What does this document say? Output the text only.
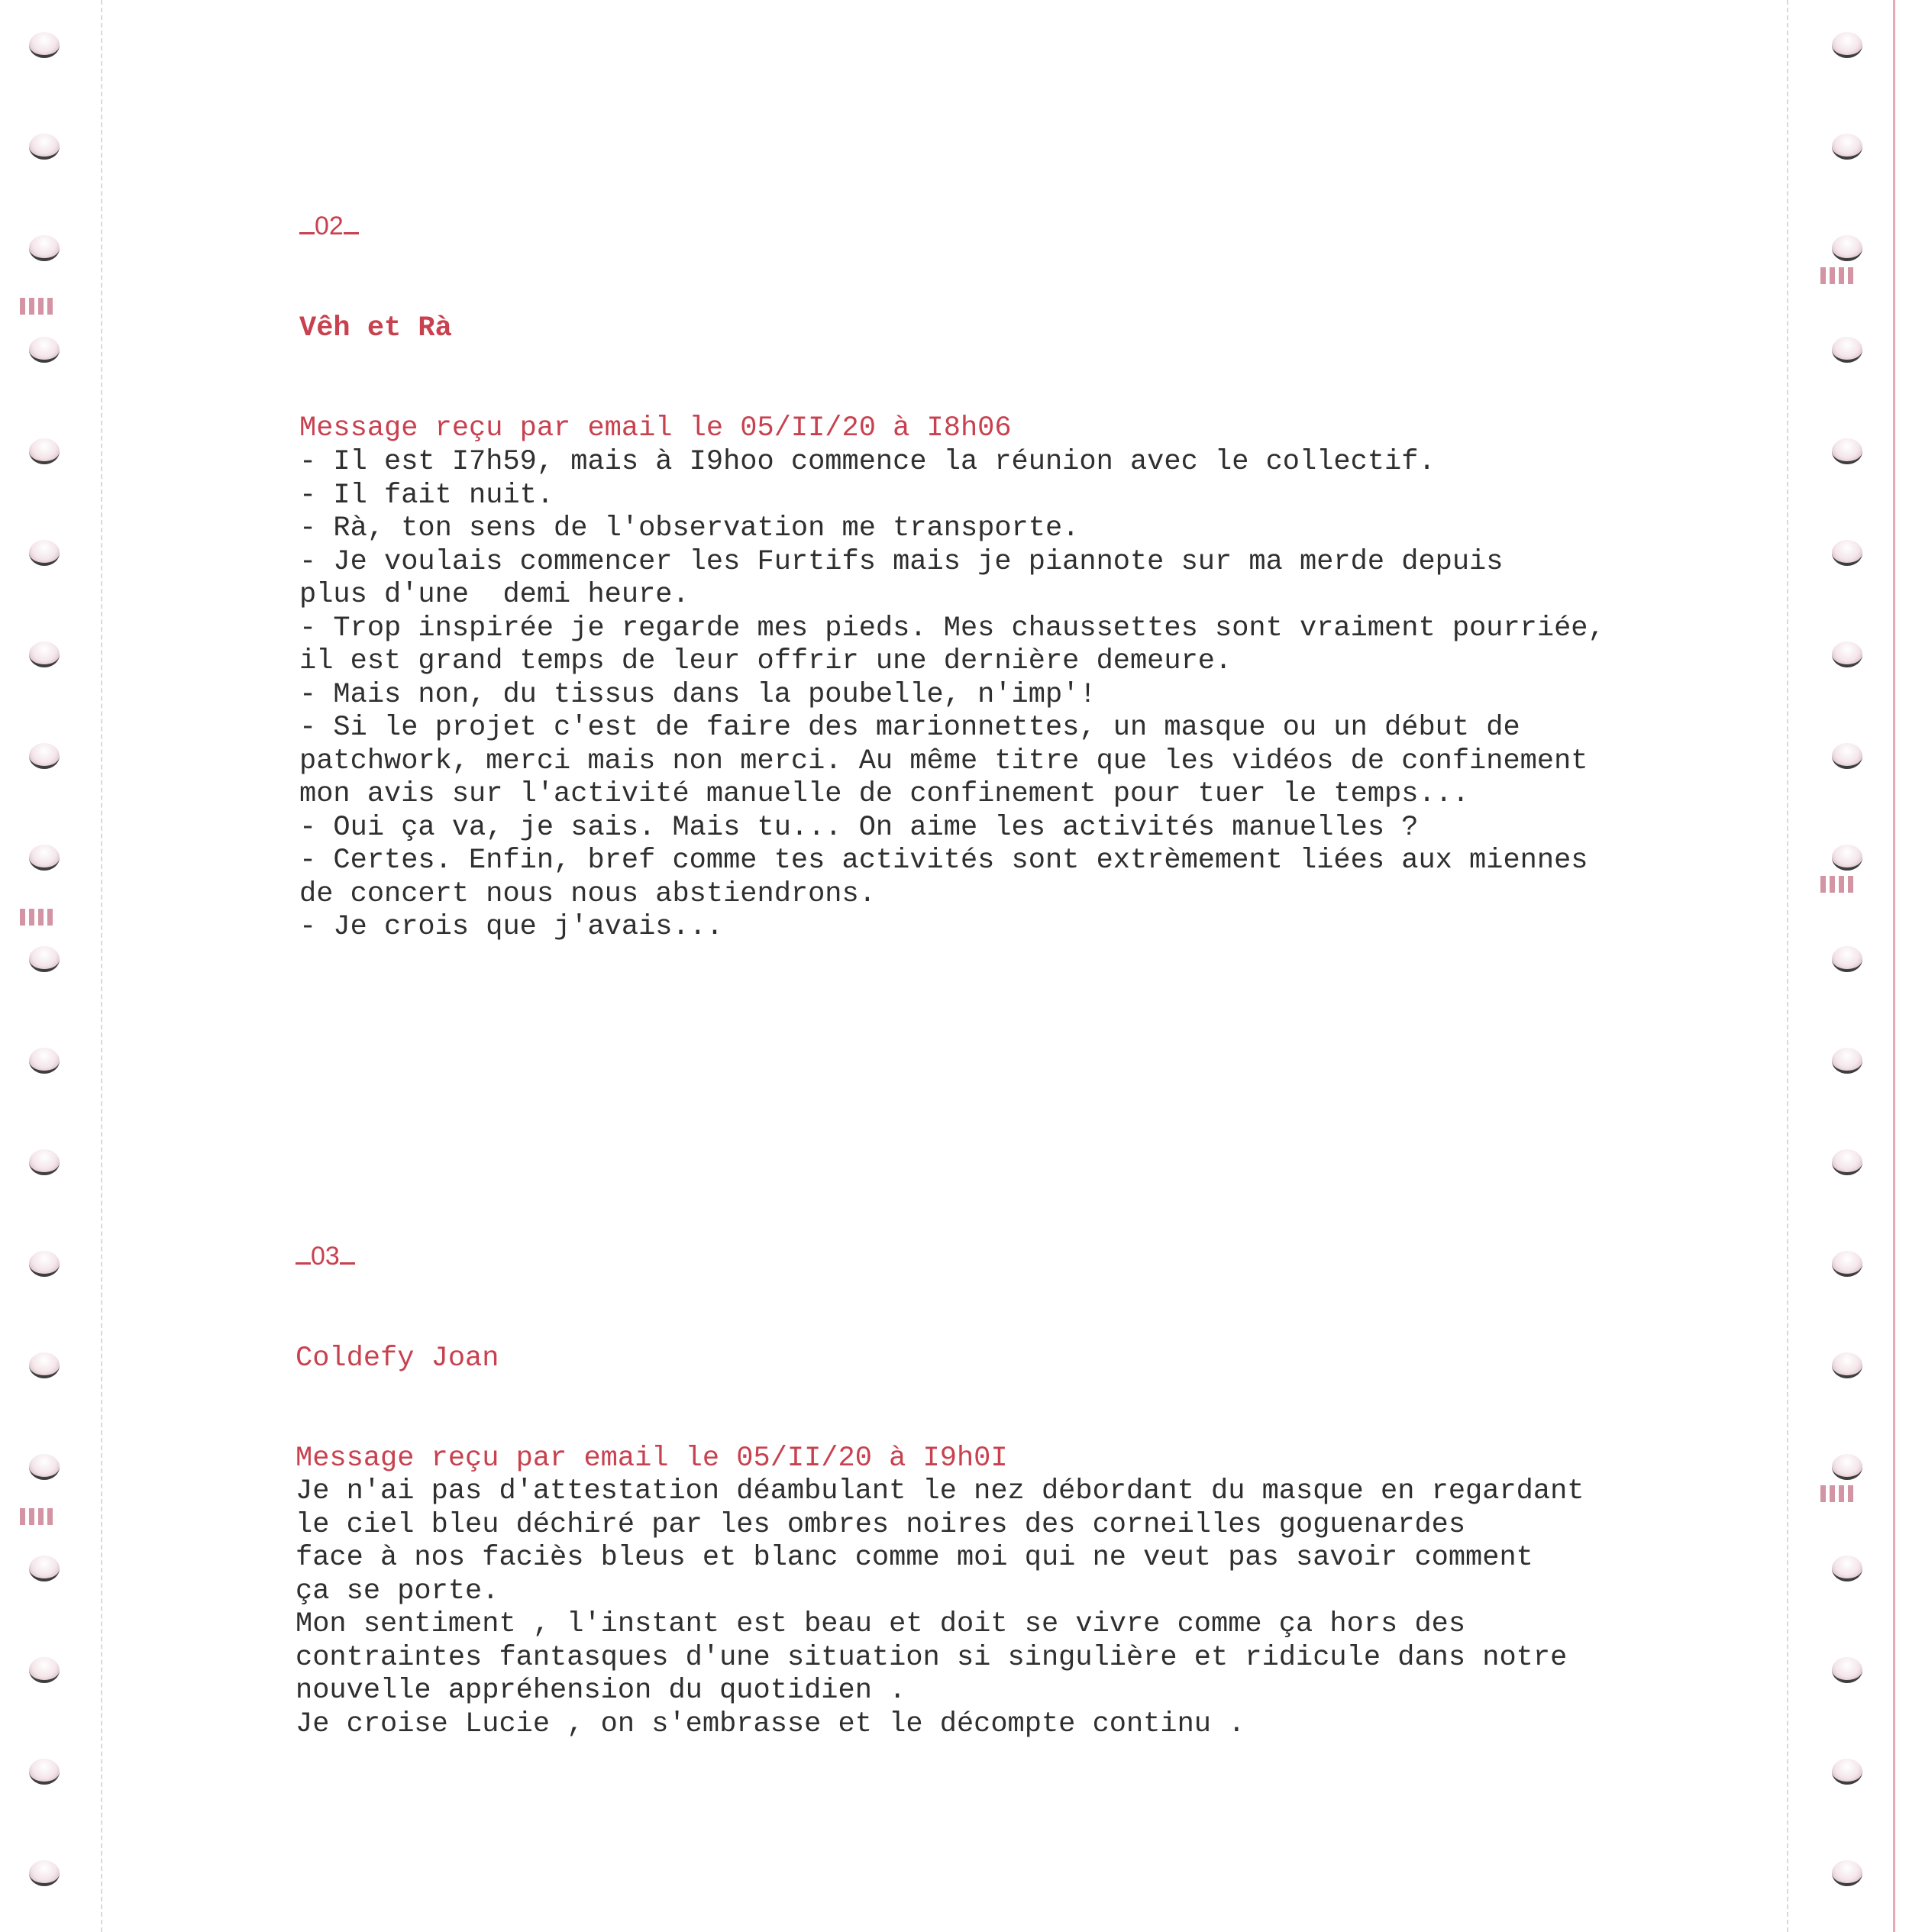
02

Vêh et Rà

Message reçu par email le 05/II/20 à I8h06

- Il est I7h59, mais à I9hoo commence la réunion avec le collectif.
- Il fait nuit.
- Rà, ton sens de l'observation me transporte.
- Je voulais commencer les Furtifs mais je piannote sur ma merde depuis
plus d'une  demi heure.
- Trop inspirée je regarde mes pieds. Mes chaussettes sont vraiment pourriée,
il est grand temps de leur offrir une dernière demeure.
- Mais non, du tissus dans la poubelle, n'imp'!
- Si le projet c'est de faire des marionnettes, un masque ou un début de
patchwork, merci mais non merci. Au même titre que les vidéos de confinement
mon avis sur l'activité manuelle de confinement pour tuer le temps...
- Oui ça va, je sais. Mais tu... On aime les activités manuelles ?
- Certes. Enfin, bref comme tes activités sont extrèmement liées aux miennes
de concert nous nous abstiendrons.
- Je crois que j'avais...
03

Coldefy Joan

Message reçu par email le 05/II/20 à I9h0I

Je n'ai pas d'attestation déambulant le nez débordant du masque en regardant
le ciel bleu déchiré par les ombres noires des corneilles goguenardes
face à nos faciès bleus et blanc comme moi qui ne veut pas savoir comment
ça se porte.
Mon sentiment , l'instant est beau et doit se vivre comme ça hors des
contraintes fantasques d'une situation si singulière et ridicule dans notre
nouvelle appréhension du quotidien .
Je croise Lucie , on s'embrasse et le décompte continu .
